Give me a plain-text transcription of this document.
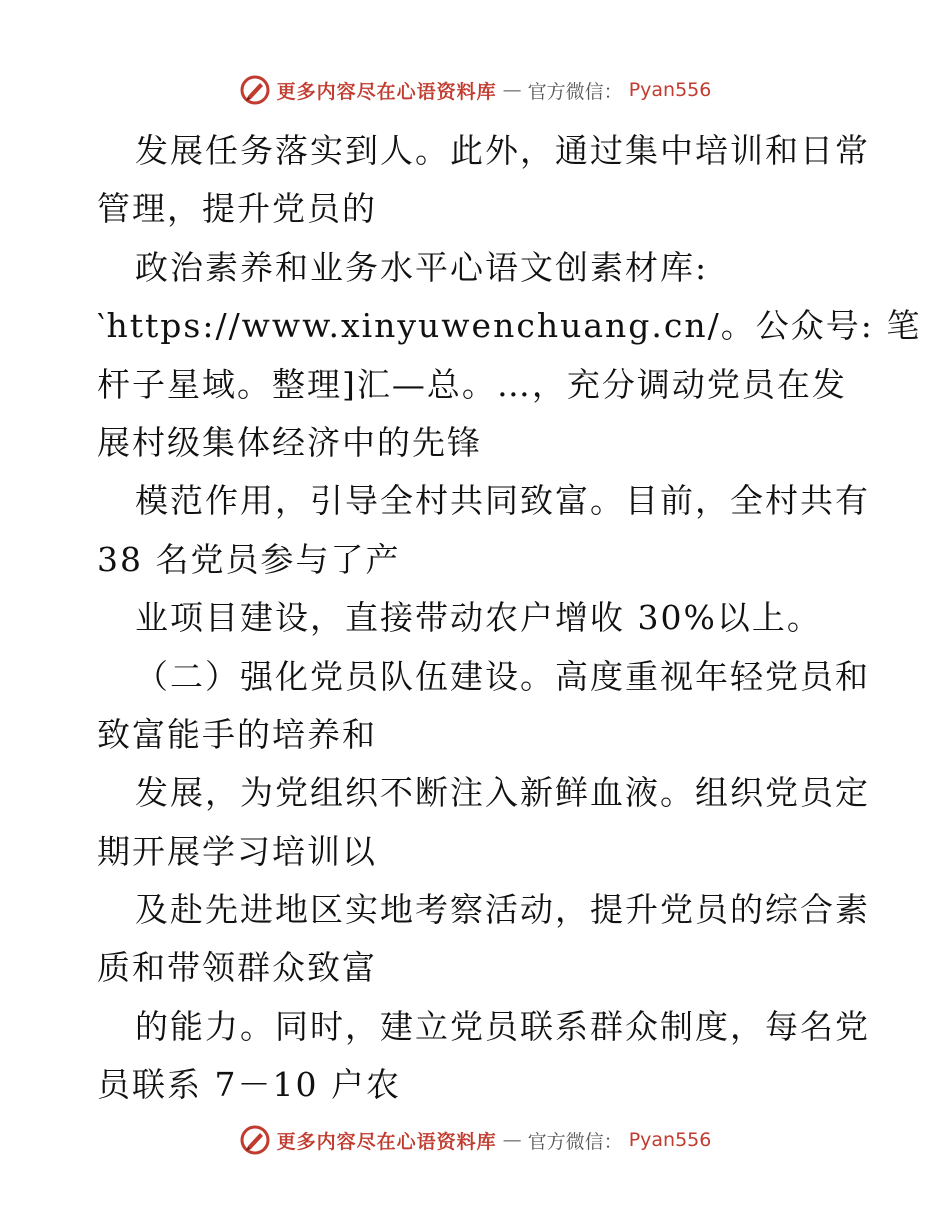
更多内容尽在心语资料库 — 官方微信： Pyan556
发展任务落实到人。此外，通过集中培训和日常
管理，提升党员的
政治素养和业务水平心语文创素材库:
‵https://www.xinyuwenchuang.cn/。公众号: 笔
杆子星域。整理]汇—总。…，充分调动党员在发
展村级集体经济中的先锋
模范作用，引导全村共同致富。目前，全村共有
38 名党员参与了产
业项目建设，直接带动农户增收 30%以上。
（二）强化党员队伍建设。高度重视年轻党员和
致富能手的培养和
发展，为党组织不断注入新鲜血液。组织党员定
期开展学习培训以
及赴先进地区实地考察活动，提升党员的综合素
质和带领群众致富
的能力。同时，建立党员联系群众制度，每名党
员联系 7－10 户农
更多内容尽在心语资料库 — 官方微信： Pyan556
